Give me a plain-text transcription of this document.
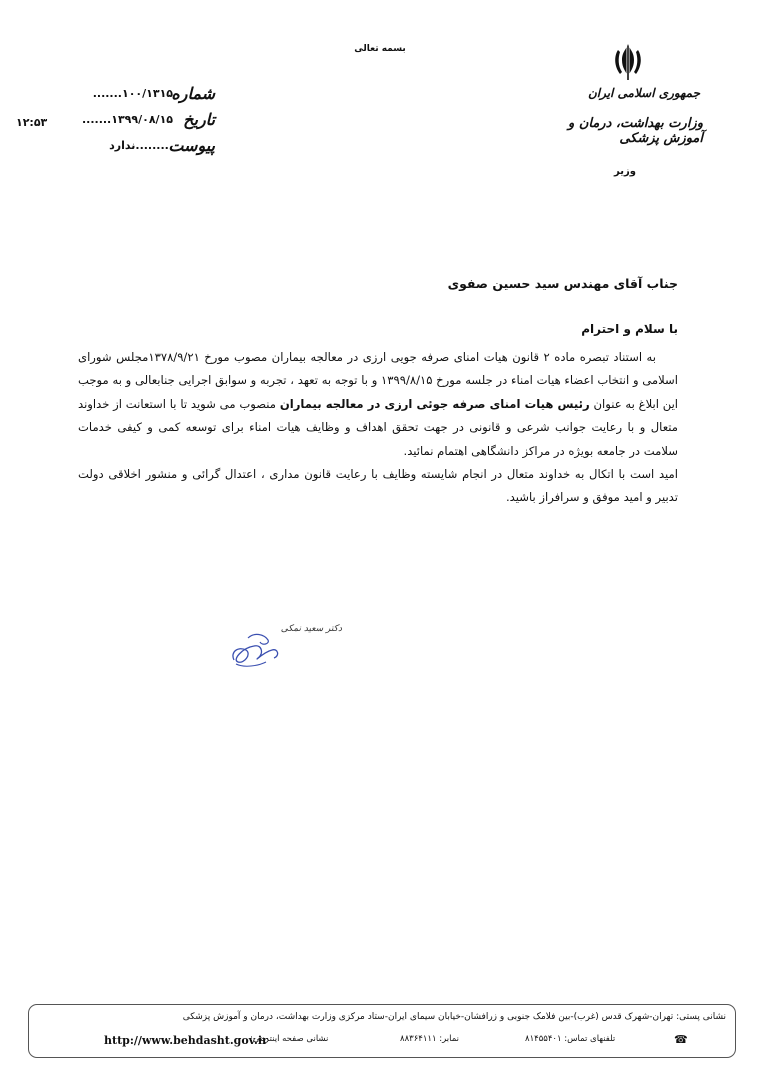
بسمه تعالی
جمهوری اسلامی ایران
وزارت بهداشت، درمان و آموزش پزشکی
وزیر
شماره
۱۰۰/۱۳۱۵.......
تاریخ
۱۳۹۹/۰۸/۱۵.......
پیوست
.........ندارد
۱۲:۵۳
جناب آقای مهندس سید حسین صفوی
با سلام و احترام

به استناد تبصره ماده ۲ قانون هیات امنای صرفه جویی ارزی در معالجه بیماران مصوب مورخ ۱۳۷۸/۹/۲۱مجلس شورای اسلامی و انتخاب اعضاء هیات امناء در جلسه مورخ ۱۳۹۹/۸/۱۵ و با توجه به تعهد ، تجربه و سوابق اجرایی جنابعالی و به موجب این ابلاغ به عنوان رئیس هیات امنای صرفه جوئی ارزی در معالجه بیماران منصوب می شوید تا با استعانت از خداوند متعال و با رعایت جوانب شرعی و قانونی در جهت تحقق اهداف و وظایف هیات امناء برای توسعه کمی و کیفی خدمات سلامت در جامعه بویژه در مراکز دانشگاهی اهتمام نمائید.

امید است با اتکال به خداوند متعال در انجام شایسته وظایف با رعایت قانون مداری ، اعتدال گرائی و منشور اخلاقی دولت تدبیر و امید موفق و سرافراز باشید.

دکتر سعید نمکی
نشانی پستی: تهران-شهرک قدس (غرب)-بین فلامک جنوبی و زرافشان-خیابان سیمای ایران-ستاد مرکزی وزارت بهداشت، درمان و آموزش پزشکی
☎
تلفنهای تماس: ۸۱۴۵۵۴۰۱
نمابر: ۸۸۳۶۴۱۱۱
نشانی صفحه اینترنتی:
http://www.behdasht.gov.ir
